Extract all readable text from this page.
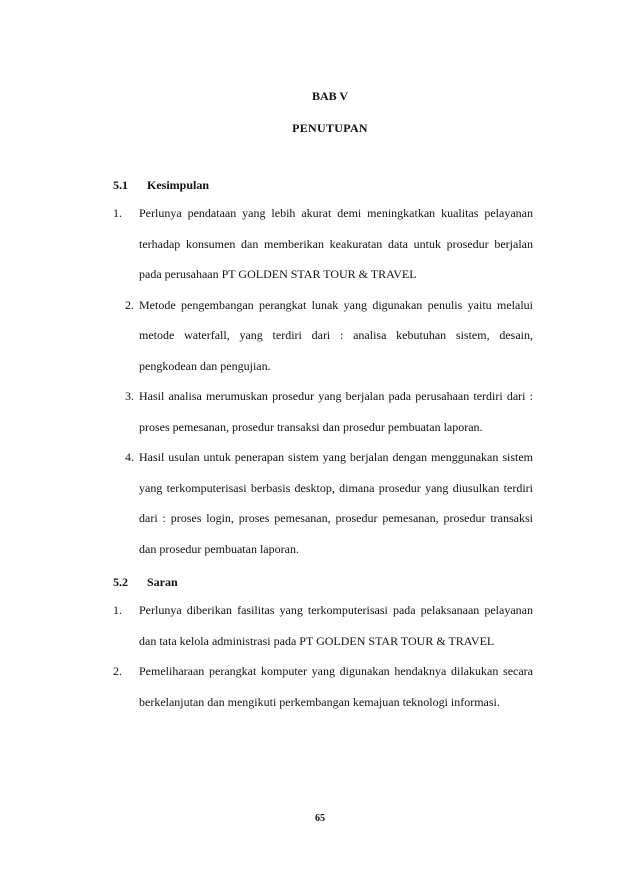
BAB V
PENUTUPAN
5.1 Kesimpulan
1. Perlunya pendataan yang lebih akurat demi meningkatkan kualitas pelayanan terhadap konsumen dan memberikan keakuratan data untuk prosedur berjalan pada perusahaan PT GOLDEN STAR TOUR & TRAVEL
2. Metode pengembangan perangkat lunak yang digunakan penulis yaitu melalui metode waterfall, yang terdiri dari : analisa kebutuhan sistem, desain, pengkodean dan pengujian.
3. Hasil analisa merumuskan prosedur yang berjalan pada perusahaan terdiri dari : proses pemesanan, prosedur transaksi dan prosedur pembuatan laporan.
4. Hasil usulan untuk penerapan sistem yang berjalan dengan menggunakan sistem yang terkomputerisasi berbasis desktop, dimana prosedur yang diusulkan terdiri dari : proses login, proses pemesanan, prosedur pemesanan, prosedur transaksi dan prosedur pembuatan laporan.
5.2 Saran
1. Perlunya diberikan fasilitas yang terkomputerisasi pada pelaksanaan pelayanan dan tata kelola administrasi pada PT GOLDEN STAR TOUR & TRAVEL
2. Pemeliharaan perangkat komputer yang digunakan hendaknya dilakukan secara berkelanjutan dan mengikuti perkembangan kemajuan teknologi informasi.
65
